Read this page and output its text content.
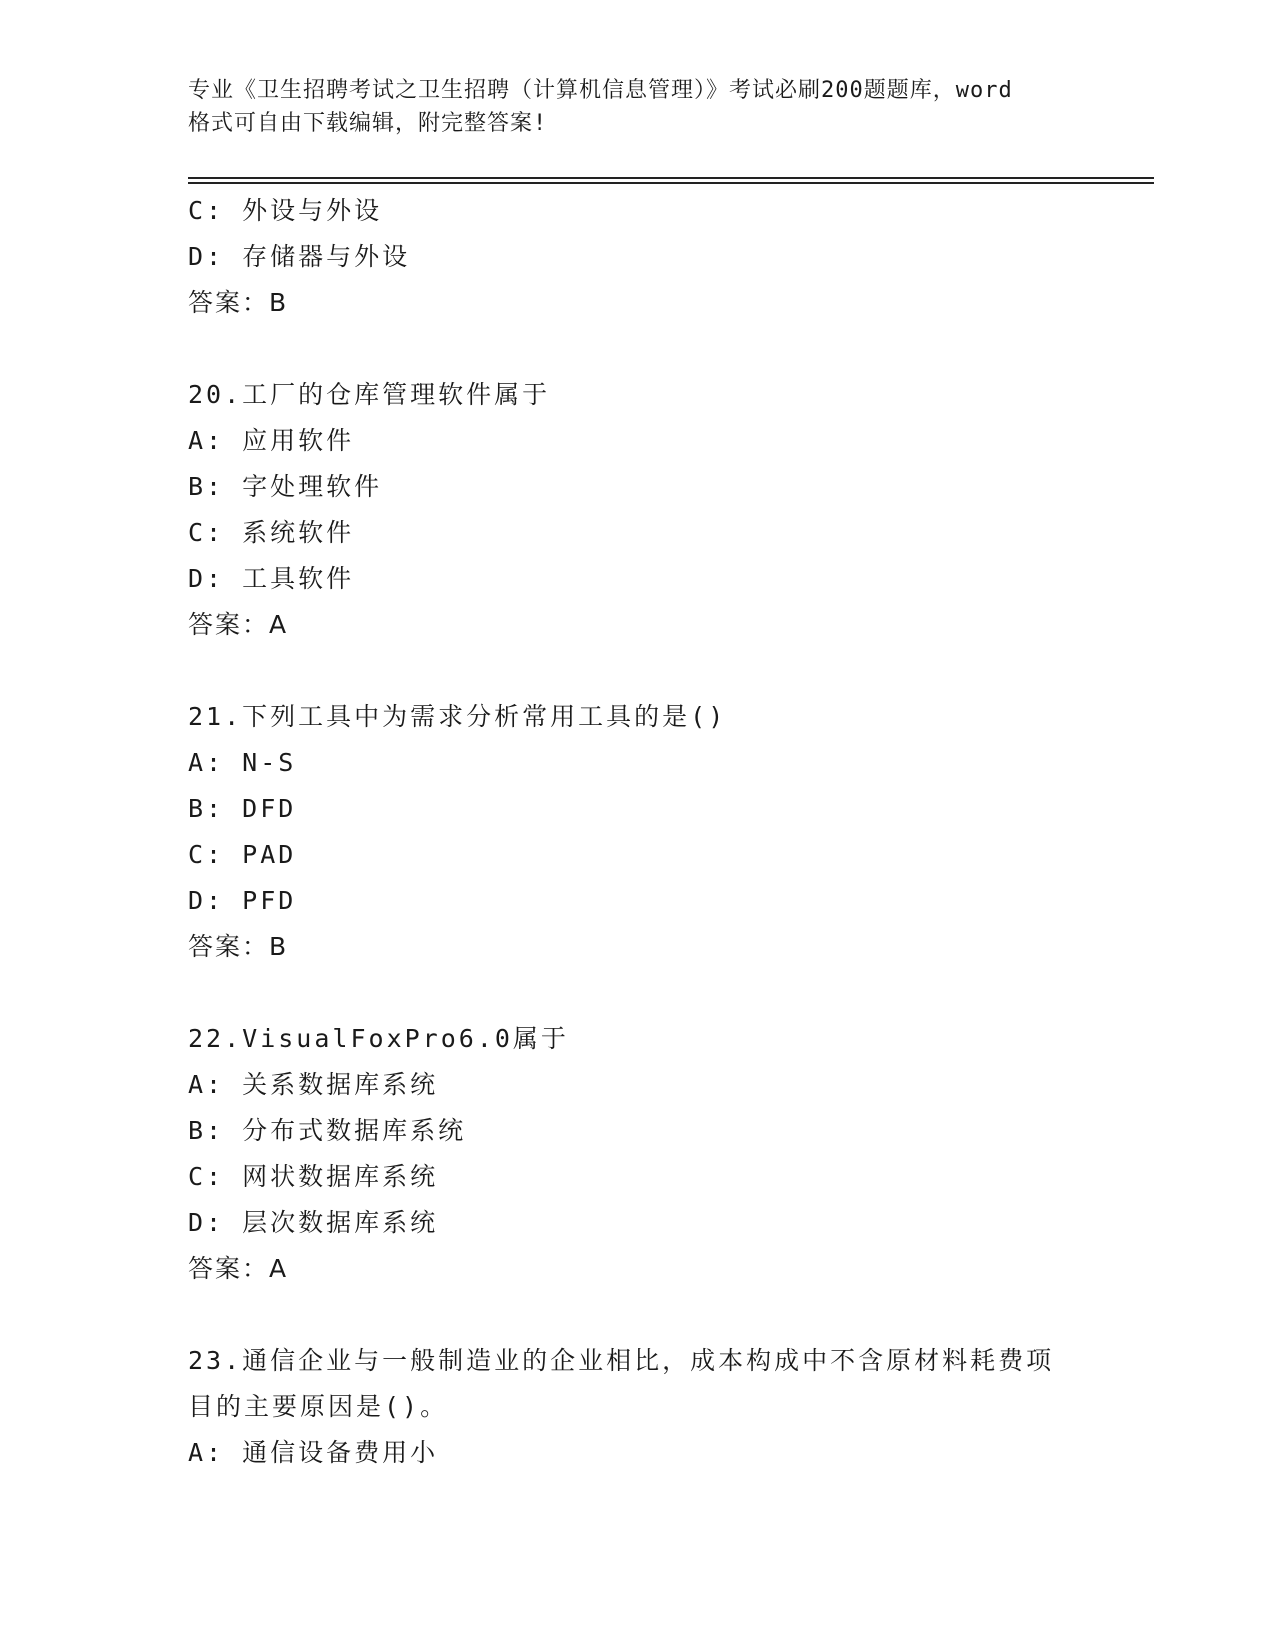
专业《卫生招聘考试之卫生招聘（计算机信息管理）》考试必刷200题题库，word
格式可自由下载编辑，附完整答案!
C: 外设与外设
D: 存储器与外设
答案：B
20.工厂的仓库管理软件属于
A: 应用软件
B: 字处理软件
C: 系统软件
D: 工具软件
答案：A
21.下列工具中为需求分析常用工具的是()
A: N-S
B: DFD
C: PAD
D: PFD
答案：B
22.VisualFoxPro6.0属于
A: 关系数据库系统
B: 分布式数据库系统
C: 网状数据库系统
D: 层次数据库系统
答案：A
23.通信企业与一般制造业的企业相比，成本构成中不含原材料耗费项
目的主要原因是()。
A: 通信设备费用小
